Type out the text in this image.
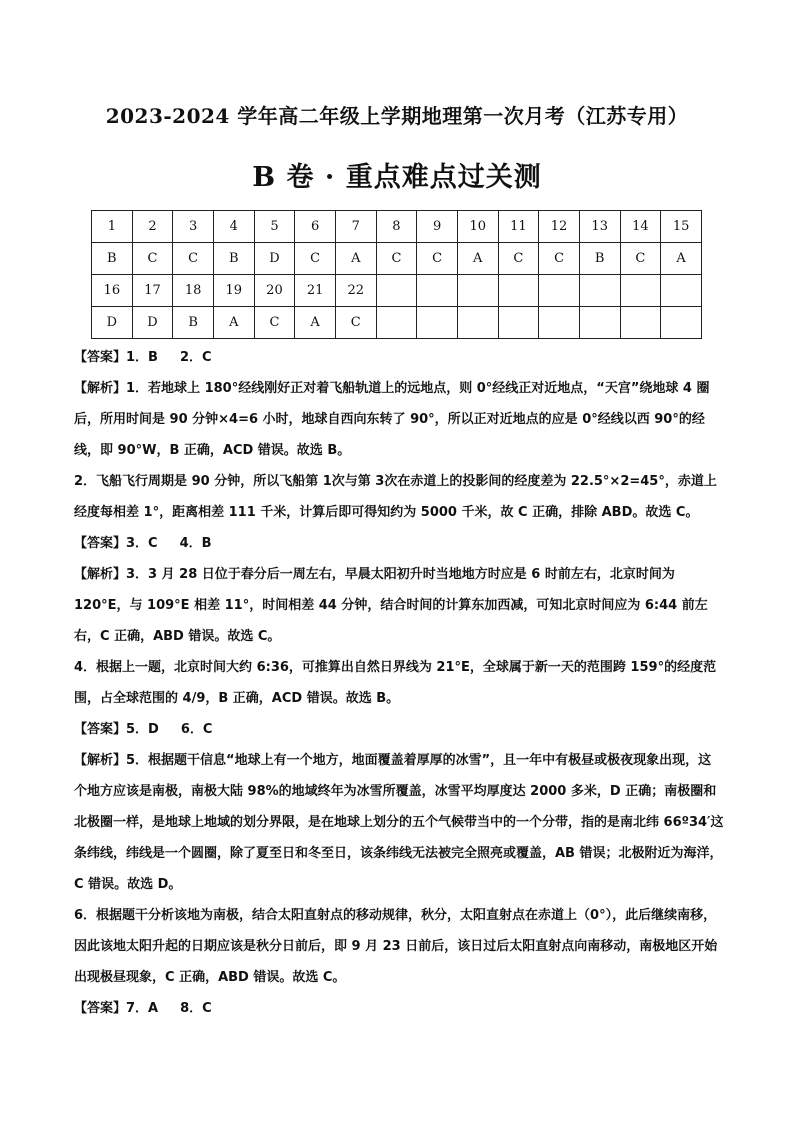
2023-2024 学年高二年级上学期地理第一次月考（江苏专用）
B 卷 · 重点难点过关测
1	2	3	4	5	6	7	8	9	10	11	12	13	14	15
B	C	C	B	D	C	A	C	C	A	C	C	B	C	A
16	17	18	19	20	21	22								
D	D	B	A	C	A	C								

【答案】1．B 2．C

【解析】1．若地球上 180°经线刚好正对着飞船轨道上的远地点，则 0°经线正对近地点，“天宫”绕地球 4 圈后，所用时间是 90 分钟×4=6 小时，地球自西向东转了 90°，所以正对近地点的应是 0°经线以西 90°的经线，即 90°W，B 正确，ACD 错误。故选 B。

2．飞船飞行周期是 90 分钟，所以飞船第 1次与第 3次在赤道上的投影间的经度差为 22.5°×2=45°，赤道上经度每相差 1°，距离相差 111 千米，计算后即可得知约为 5000 千米，故 C 正确，排除 ABD。故选 C。

【答案】3．C 4．B

【解析】3．3 月 28 日位于春分后一周左右，早晨太阳初升时当地地方时应是 6 时前左右，北京时间为 120°E，与 109°E 相差 11°，时间相差 44 分钟，结合时间的计算东加西减，可知北京时间应为 6:44 前左右，C 正确，ABD 错误。故选 C。

4．根据上一题，北京时间大约 6:36，可推算出自然日界线为 21°E，全球属于新一天的范围跨 159°的经度范围，占全球范围的 4/9，B 正确，ACD 错误。故选 B。

【答案】5．D 6．C

【解析】5．根据题干信息“地球上有一个地方，地面覆盖着厚厚的冰雪”，且一年中有极昼或极夜现象出现，这个地方应该是南极，南极大陆 98%的地域终年为冰雪所覆盖，冰雪平均厚度达 2000 多米，D 正确；南极圈和北极圈一样，是地球上地域的划分界限，是在地球上划分的五个气候带当中的一个分带，指的是南北纬 66º34′这条纬线，纬线是一个圆圈，除了夏至日和冬至日，该条纬线无法被完全照亮或覆盖，AB 错误；北极附近为海洋，C 错误。故选 D。

6．根据题干分析该地为南极，结合太阳直射点的移动规律，秋分，太阳直射点在赤道上（0°），此后继续南移，因此该地太阳升起的日期应该是秋分日前后，即 9 月 23 日前后，该日过后太阳直射点向南移动，南极地区开始出现极昼现象，C 正确，ABD 错误。故选 C。

【答案】7．A 8．C
